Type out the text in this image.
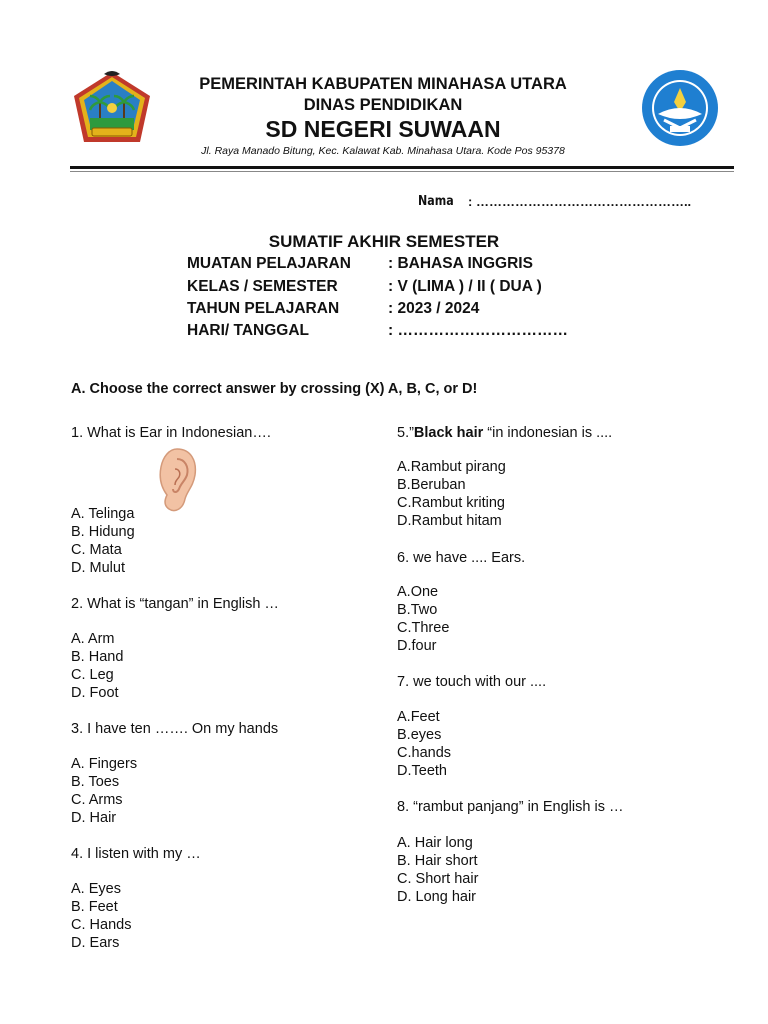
PEMERINTAH KABUPATEN MINAHASA UTARA
DINAS PENDIDIKAN
SD NEGERI SUWAAN
Jl. Raya Manado Bitung, Kec. Kalawat Kab. Minahasa Utara. Kode Pos 95378
Nama : …………………………………………..
SUMATIF AKHIR SEMESTER
MUATAN PELAJARAN : BAHASA INGGRIS
KELAS / SEMESTER	: V (LIMA ) / II ( DUA )
TAHUN PELAJARAN	: 2023 / 2024
HARI/ TANGGAL	: ……………………………
A. Choose the correct answer by crossing (X) A, B, C, or D!
1. What is Ear in Indonesian….
A. Telinga
B. Hidung
C. Mata
D. Mulut
2. What is “tangan” in English …
A. Arm
B. Hand
C. Leg
D. Foot
3. I have ten ……. On my hands
A. Fingers
B. Toes
C. Arms
D. Hair
4. I listen with my …
A. Eyes
B. Feet
C. Hands
D. Ears
5.”Black hair “in indonesian is ....
A.Rambut pirang
B.Beruban
C.Rambut kriting
D.Rambut hitam
6. we have .... Ears.
A.One
B.Two
C.Three
D.four
7. we touch with our ....
A.Feet
B.eyes
C.hands
D.Teeth
8. “rambut panjang” in English is …
A. Hair long
B. Hair short
C. Short hair
D. Long hair
